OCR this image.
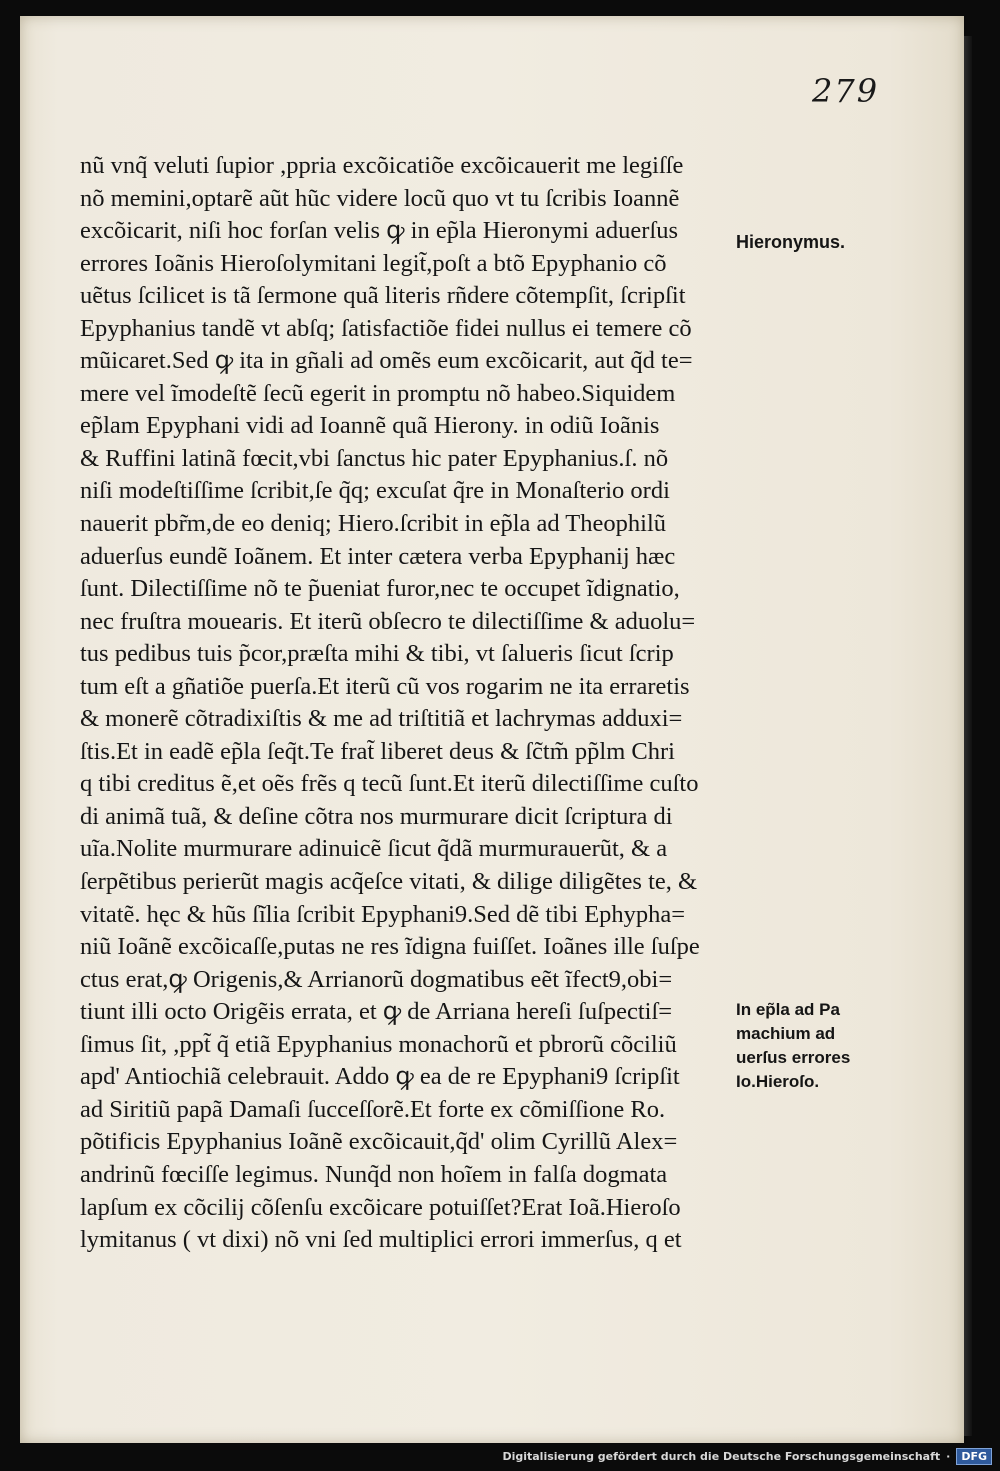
279
nũ vnq̃ veluti ſupior ,ppria excõicatiõe excõicauerit me legiſſe
nõ memini,optarẽ aũt hũc videre locũ quo vt tu ſcribis Ioannẽ
excõicarit, niſi hoc forſan velis ꝙ in ep̃la Hieronymi aduerſus
errores Ioãnis Hieroſolymitani legit̃,poſt a btõ Epyphanio cõ
uẽtus ſcilicet is tã ſermone quã literis rñdere cõtempſit, ſcripſit
Epyphanius tandẽ vt abſq; ſatisfactiõe fidei nullus ei temere cõ
mũicaret.Sed ꝙ ita in gñali ad omẽs eum excõicarit, aut q̃d te=
mere vel ĩmodeſtẽ ſecũ egerit in promptu nõ habeo.Siquidem
ep̃lam Epyphani vidi ad Ioannẽ quã Hierony. in odiũ Ioãnis
& Ruffini latinã fœcit,vbi ſanctus hic pater Epyphanius.ſ. nõ
niſi modeſtiſſime ſcribit,ſe q̃q; excuſat q̃re in Monaſterio ordi
nauerit pbr̃m,de eo deniq; Hiero.ſcribit in ep̃la ad Theophilũ
aduerſus eundẽ Ioãnem. Et inter cætera verba Epyphanij hæc
ſunt. Dilectiſſime nõ te p̃ueniat furor,nec te occupet ĩdignatio,
nec fruſtra mouearis. Et iterũ obſecro te dilectiſſime & aduolu=
tus pedibus tuis p̃cor,præſta mihi & tibi, vt ſalueris ſicut ſcrip
tum eſt a gñatiõe puerſa.Et iterũ cũ vos rogarim ne ita erraretis
& monerẽ cõtradixiſtis & me ad triſtitiã et lachrymas adduxi=
ſtis.Et in eadẽ ep̃la ſeq̃t.Te frat̃ liberet deus & ſc̃tm̃ pp̃lm Chri
q tibi creditus ẽ,et oẽs frẽs q tecũ ſunt.Et iterũ dilectiſſime cuſto
di animã tuã, & deſine cõtra nos murmurare dicit ſcriptura di
uĩa.Nolite murmurare adinuicẽ ſicut q̃dã murmurauerũt, & a
ſerpẽtibus perierũt magis acq̃eſce vitati, & dilige diligẽtes te, &
vitatẽ. hęc & hũs ſĩlia ſcribit Epyphani9.Sed dẽ tibi Ephypha=
niũ Ioãnẽ excõicaſſe,putas ne res ĩdigna fuiſſet. Ioãnes ille ſuſpe
ctus erat,ꝙ Origenis,& Arrianorũ dogmatibus eẽt ĩfect9,obi=
tiunt illi octo Origẽis errata, et ꝙ de Arriana hereſi ſuſpectiſ=
ſimus ſit, ,ppt̃ q̃ etiã Epyphanius monachorũ et pbrorũ cõciliũ
apd' Antiochiã celebrauit. Addo ꝙ ea de re Epyphani9 ſcripſit
ad Siritiũ papã Damaſi ſucceſſorẽ.Et forte ex cõmiſſione Ro.
põtificis Epyphanius Ioãnẽ excõicauit,q̃d' olim Cyrillũ Alex=
andrinũ fœciſſe legimus. Nunq̃d non hoĩem in falſa dogmata
lapſum ex cõcilij cõſenſu excõicare potuiſſet?Erat Ioã.Hieroſo
lymitanus ( vt dixi) nõ vni ſed multiplici errori immerſus, q et
Hieronymus.
In ep̃la ad Pa
machium ad
uerſus errores
Io.Hieroſo.
Digitalisierung gefördert durch die Deutsche Forschungsgemeinschaft ·	DFG
